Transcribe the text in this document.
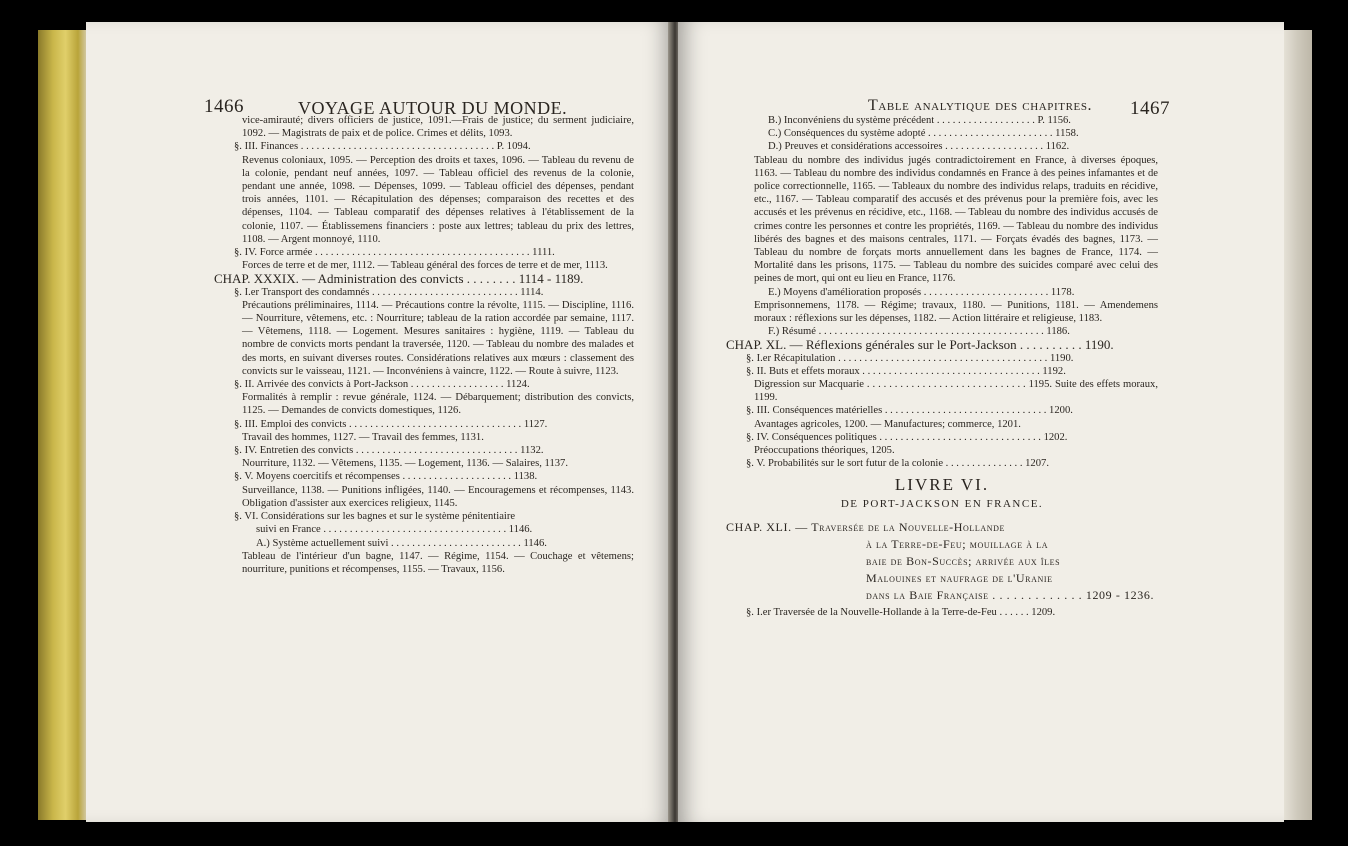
1466	VOYAGE AUTOUR DU MONDE.

vice-amirauté; divers officiers de justice, 1091.—Frais de justice; du serment judiciaire, 1092. — Magistrats de paix et de police. Crimes et délits, 1093.

§. III. Finances . . . . . . . . . . . . . . . . . . . . . . . . . . . . . . . . . . . . . P. 1094.

Revenus coloniaux, 1095. — Perception des droits et taxes, 1096. — Tableau du revenu de la colonie, pendant neuf années, 1097. — Tableau officiel des revenus de la colonie, pendant une année, 1098. — Dépenses, 1099. — Tableau officiel des dépenses, pendant trois années, 1101. — Récapitulation des dépenses; comparaison des recettes et des dépenses, 1104. — Tableau comparatif des dépenses relatives à l'établissement de la colonie, 1107. — Établissemens financiers : poste aux lettres; tableau du prix des lettres, 1108. — Argent monnoyé, 1110.

§. IV. Force armée . . . . . . . . . . . . . . . . . . . . . . . . . . . . . . . . . . . . . . . . . 1111.

Forces de terre et de mer, 1112. — Tableau général des forces de terre et de mer, 1113.

CHAP. XXXIX. — Administration des convicts . . . . . . . . 1114 - 1189.

§. I.er Transport des condamnés . . . . . . . . . . . . . . . . . . . . . . . . . . . . 1114.

Précautions préliminaires, 1114. — Précautions contre la révolte, 1115. — Discipline, 1116. — Nourriture, vêtemens, etc. : Nourriture; tableau de la ration accordée par semaine, 1117. — Vêtemens, 1118. — Logement. Mesures sanitaires : hygiène, 1119. — Tableau du nombre de convicts morts pendant la traversée, 1120. — Tableau du nombre des malades et des morts, en suivant diverses routes. Considérations relatives aux mœurs : classement des convicts sur le vaisseau, 1121. — Inconvéniens à vaincre, 1122. — Route à suivre, 1123.

§. II. Arrivée des convicts à Port-Jackson . . . . . . . . . . . . . . . . . . 1124.

Formalités à remplir : revue générale, 1124. — Débarquement; distribution des convicts, 1125. — Demandes de convicts domestiques, 1126.

§. III. Emploi des convicts . . . . . . . . . . . . . . . . . . . . . . . . . . . . . . . . . 1127.

Travail des hommes, 1127. — Travail des femmes, 1131.

§. IV. Entretien des convicts . . . . . . . . . . . . . . . . . . . . . . . . . . . . . . . 1132.

Nourriture, 1132. — Vêtemens, 1135. — Logement, 1136. — Salaires, 1137.

§. V. Moyens coercitifs et récompenses . . . . . . . . . . . . . . . . . . . . . 1138.

Surveillance, 1138. — Punitions infligées, 1140. — Encouragemens et récompenses, 1143. Obligation d'assister aux exercices religieux, 1145.

§. VI. Considérations sur les bagnes et sur le système pénitentiaire

suivi en France . . . . . . . . . . . . . . . . . . . . . . . . . . . . . . . . . . . 1146.

A.) Système actuellement suivi . . . . . . . . . . . . . . . . . . . . . . . . . 1146.

Tableau de l'intérieur d'un bagne, 1147. — Régime, 1154. — Couchage et vêtemens; nourriture, punitions et récompenses, 1155. — Travaux, 1156.

Table analytique des chapitres. 1467

B.) Inconvéniens du système précédent . . . . . . . . . . . . . . . . . . . P. 1156.

C.) Conséquences du système adopté . . . . . . . . . . . . . . . . . . . . . . . . 1158.

D.) Preuves et considérations accessoires . . . . . . . . . . . . . . . . . . . 1162.

Tableau du nombre des individus jugés contradictoirement en France, à diverses époques, 1163. — Tableau du nombre des individus condamnés en France à des peines infamantes et de police correctionnelle, 1165. — Tableaux du nombre des individus relaps, traduits en récidive, etc., 1167. — Tableau comparatif des accusés et des prévenus pour la première fois, avec les accusés et les prévenus en récidive, etc., 1168. — Tableau du nombre des individus accusés de crimes contre les personnes et contre les propriétés, 1169. — Tableau du nombre des individus libérés des bagnes et des maisons centrales, 1171. — Forçats évadés des bagnes, 1173. — Tableau du nombre de forçats morts annuellement dans les bagnes de France, 1174. — Mortalité dans les prisons, 1175. — Tableau du nombre des suicides comparé avec celui des peines de mort, qui ont eu lieu en France, 1176.

E.) Moyens d'amélioration proposés . . . . . . . . . . . . . . . . . . . . . . . . 1178.

Emprisonnemens, 1178. — Régime; travaux, 1180. — Punitions, 1181. — Amendemens moraux : réflexions sur les dépenses, 1182. — Action littéraire et religieuse, 1183.

F.) Résumé . . . . . . . . . . . . . . . . . . . . . . . . . . . . . . . . . . . . . . . . . . . 1186.

CHAP. XL. — Réflexions générales sur le Port-Jackson . . . . . . . . . . 1190.

§. I.er Récapitulation . . . . . . . . . . . . . . . . . . . . . . . . . . . . . . . . . . . . . . . . 1190.

§. II. Buts et effets moraux . . . . . . . . . . . . . . . . . . . . . . . . . . . . . . . . . . 1192.

Digression sur Macquarie . . . . . . . . . . . . . . . . . . . . . . . . . . . . . 1195. Suite des effets moraux, 1199.

§. III. Conséquences matérielles . . . . . . . . . . . . . . . . . . . . . . . . . . . . . . . 1200.

Avantages agricoles, 1200. — Manufactures; commerce, 1201.

§. IV. Conséquences politiques . . . . . . . . . . . . . . . . . . . . . . . . . . . . . . . 1202.

Préoccupations théoriques, 1205.

§. V. Probabilités sur le sort futur de la colonie . . . . . . . . . . . . . . . 1207.

LIVRE VI.
DE PORT-JACKSON EN FRANCE.
CHAP. XLI. — Traversée de la Nouvelle-Hollande
à la Terre-de-Feu; mouillage à la
baie de Bon-Succès; arrivée aux îles
Malouines et naufrage de l'Uranie
dans la Baie Française . . . . . . . . . . . . . 1209 - 1236.

§. I.er Traversée de la Nouvelle-Hollande à la Terre-de-Feu . . . . . . 1209.
